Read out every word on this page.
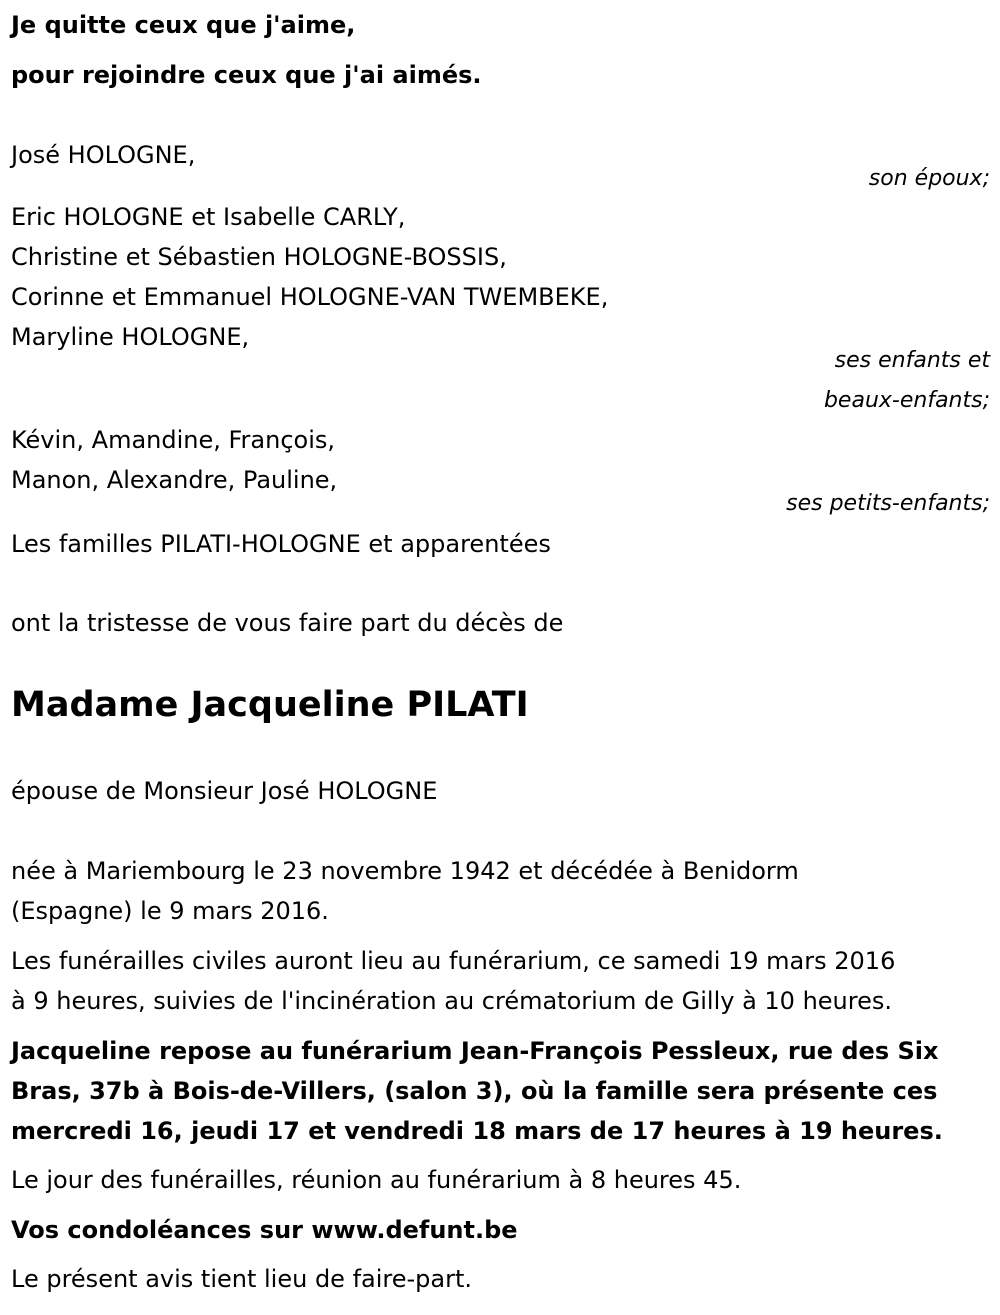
Je quitte ceux que j'aime,
pour rejoindre ceux que j'ai aimés.
José HOLOGNE,
son époux;
Eric HOLOGNE et Isabelle CARLY,
Christine et Sébastien HOLOGNE-BOSSIS,
Corinne et Emmanuel HOLOGNE-VAN TWEMBEKE,
Maryline HOLOGNE,
ses enfants et
beaux-enfants;
Kévin, Amandine, François,
Manon, Alexandre, Pauline,
ses petits-enfants;
Les familles PILATI-HOLOGNE et apparentées
ont la tristesse de vous faire part du décès de
Madame Jacqueline PILATI
épouse de Monsieur José HOLOGNE
née à Mariembourg le 23 novembre 1942 et décédée à Benidorm
(Espagne) le 9 mars 2016.
Les funérailles civiles auront lieu au funérarium, ce samedi 19 mars 2016
à 9 heures, suivies de l'incinération au crématorium de Gilly à 10 heures.
Jacqueline repose au funérarium Jean-François Pessleux, rue des Six
Bras, 37b à Bois-de-Villers, (salon 3), où la famille sera présente ces
mercredi 16, jeudi 17 et vendredi 18 mars de 17 heures à 19 heures.
Le jour des funérailles, réunion au funérarium à 8 heures 45.
Vos condoléances sur www.defunt.be
Le présent avis tient lieu de faire-part.
